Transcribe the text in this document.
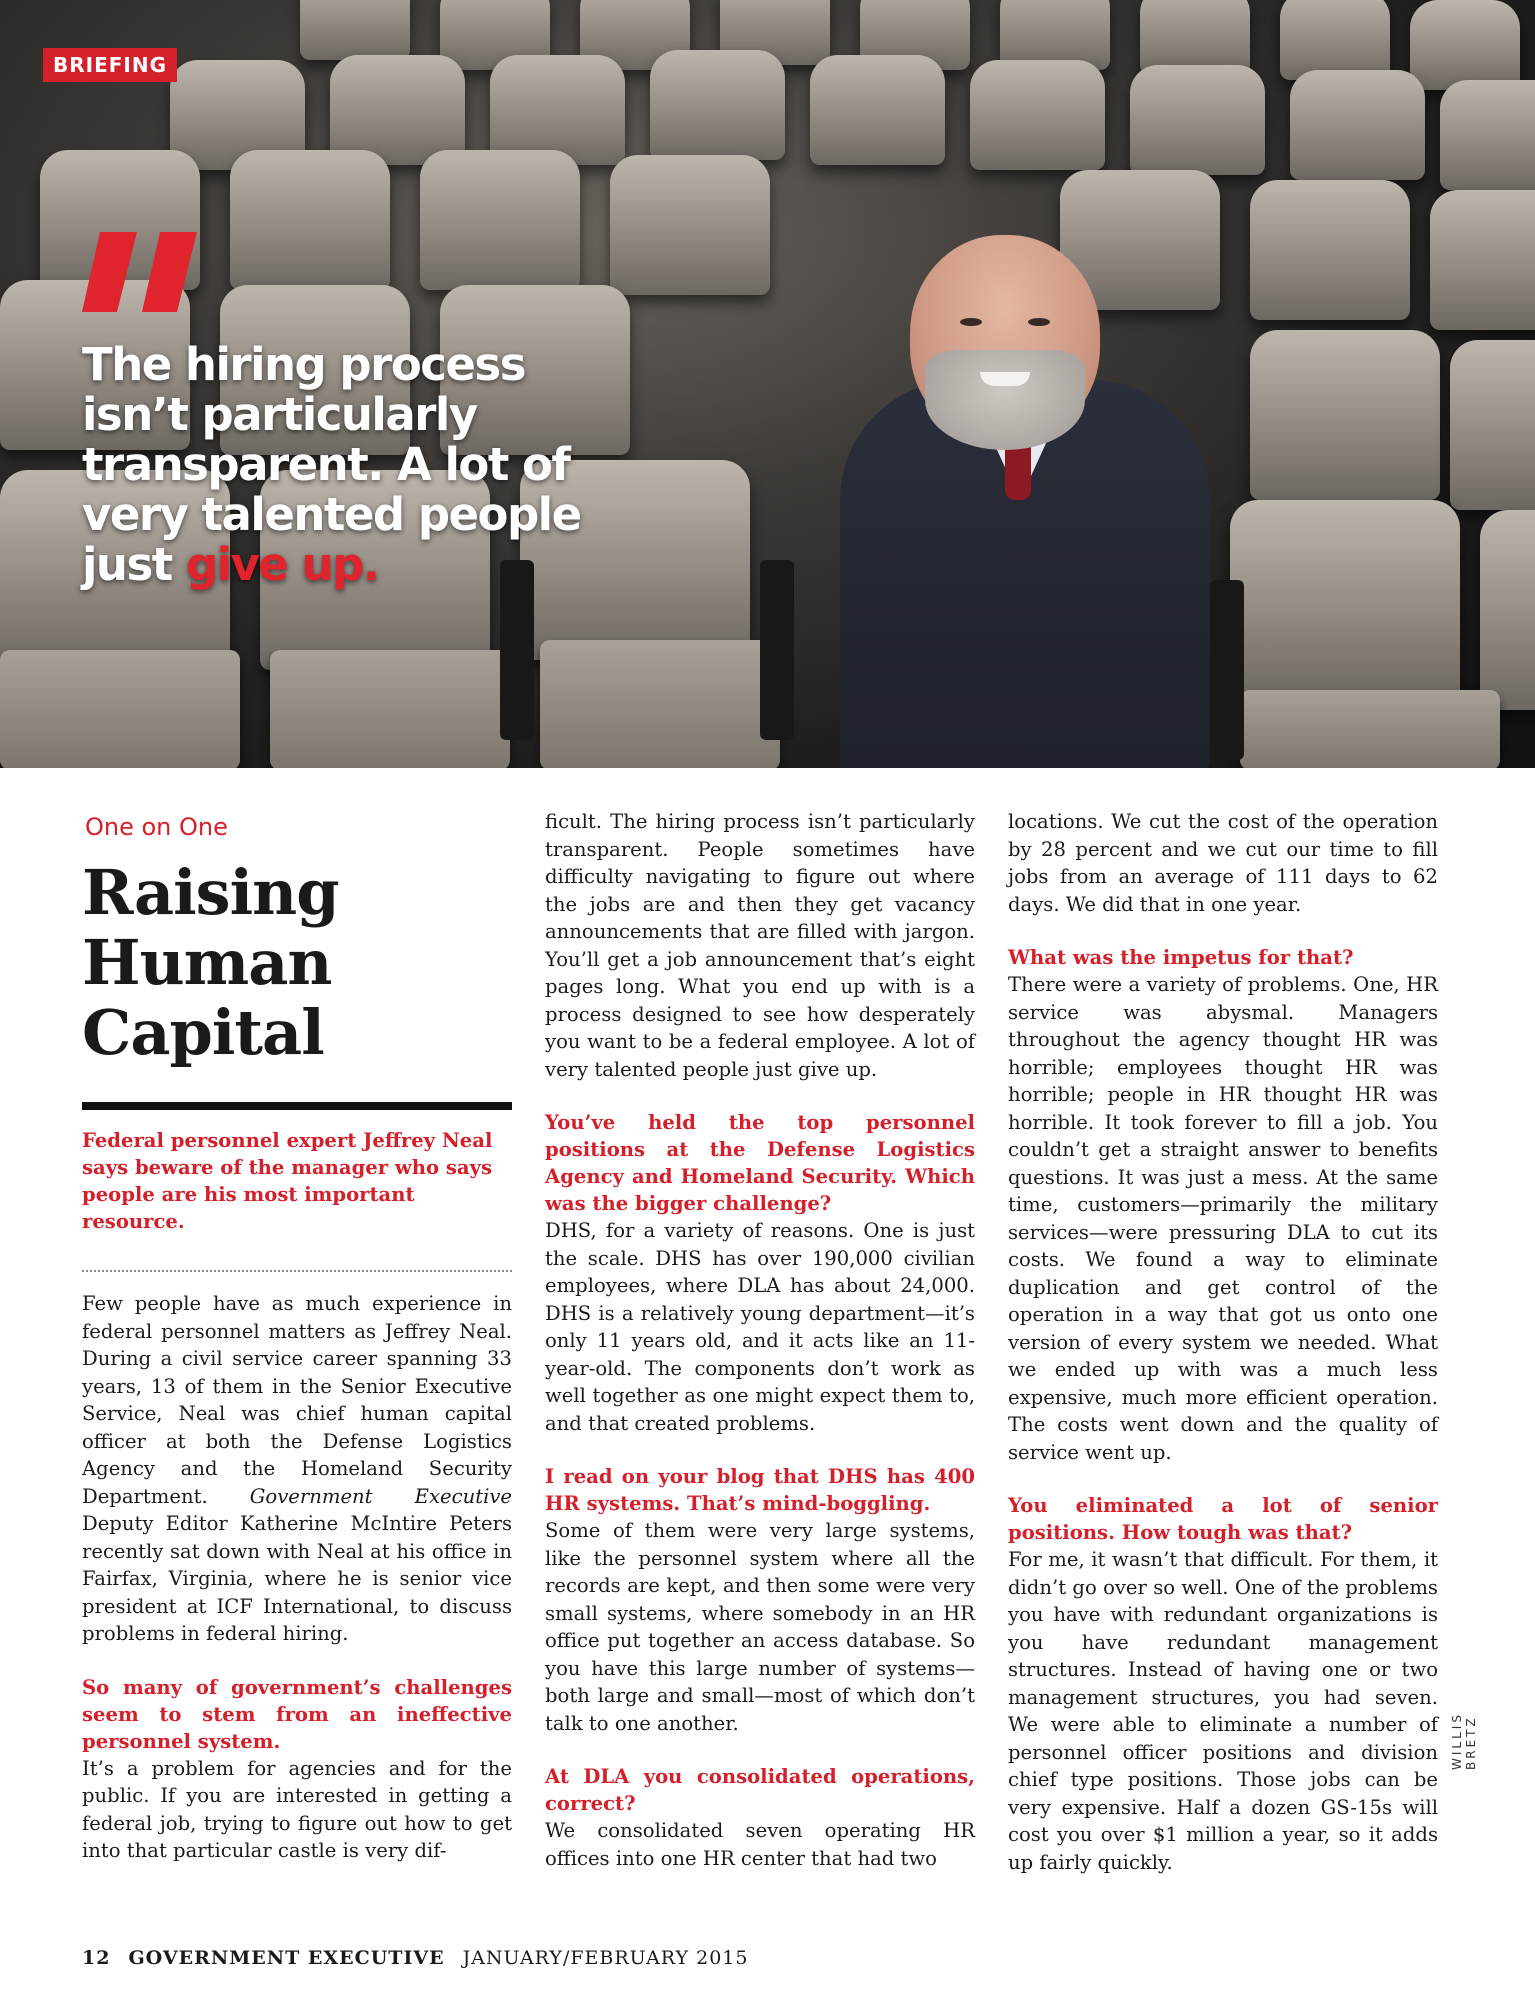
BRIEFING
The hiring process isn’t particularly transparent. A lot of very talented people just give up.
One on One
Raising Human Capital
Federal personnel expert Jeffrey Neal says beware of the manager who says people are his most important resource.

Few people have as much experience in federal personnel matters as Jeffrey Neal. During a civil service career spanning 33 years, 13 of them in the Senior Executive Service, Neal was chief human capital officer at both the Defense Logistics Agency and the Homeland Security Department. Government Executive Deputy Editor Katherine McIntire Peters recently sat down with Neal at his office in Fairfax, Virginia, where he is senior vice president at ICF International, to discuss problems in federal hiring.

So many of government’s challenges seem to stem from an ineffective personnel system.

It’s a problem for agencies and for the public. If you are interested in getting a federal job, trying to figure out how to get into that particular castle is very dif-

ficult. The hiring process isn’t particularly transparent. People sometimes have difficulty navigating to figure out where the jobs are and then they get vacancy announcements that are filled with jargon. You’ll get a job announcement that’s eight pages long. What you end up with is a process designed to see how desperately you want to be a federal employee. A lot of very talented people just give up.

You’ve held the top personnel positions at the Defense Logistics Agency and Homeland Security. Which was the bigger challenge?

DHS, for a variety of reasons. One is just the scale. DHS has over 190,000 civilian employees, where DLA has about 24,000. DHS is a relatively young department—it’s only 11 years old, and it acts like an 11-year-old. The components don’t work as well together as one might expect them to, and that created problems.

I read on your blog that DHS has 400 HR systems. That’s mind-boggling.

Some of them were very large systems, like the personnel system where all the records are kept, and then some were very small systems, where somebody in an HR office put together an access database. So you have this large number of systems—both large and small—most of which don’t talk to one another.

At DLA you consolidated operations, correct?

We consolidated seven operating HR offices into one HR center that had two

locations. We cut the cost of the operation by 28 percent and we cut our time to fill jobs from an average of 111 days to 62 days. We did that in one year.

What was the impetus for that?

There were a variety of problems. One, HR service was abysmal. Managers throughout the agency thought HR was horrible; employees thought HR was horrible; people in HR thought HR was horrible. It took forever to fill a job. You couldn’t get a straight answer to benefits questions. It was just a mess. At the same time, customers—primarily the military services—were pressuring DLA to cut its costs. We found a way to eliminate duplication and get control of the operation in a way that got us onto one version of every system we needed. What we ended up with was a much less expensive, much more efficient operation. The costs went down and the quality of service went up.

You eliminated a lot of senior positions. How tough was that?

For me, it wasn’t that difficult. For them, it didn’t go over so well. One of the problems you have with redundant organizations is you have redundant management structures. Instead of having one or two management structures, you had seven. We were able to eliminate a number of personnel officer positions and division chief type positions. Those jobs can be very expensive. Half a dozen GS-15s will cost you over $1 million a year, so it adds up fairly quickly.

WILLIS BRETZ
12 GOVERNMENT EXECUTIVE JANUARY/FEBRUARY 2015
